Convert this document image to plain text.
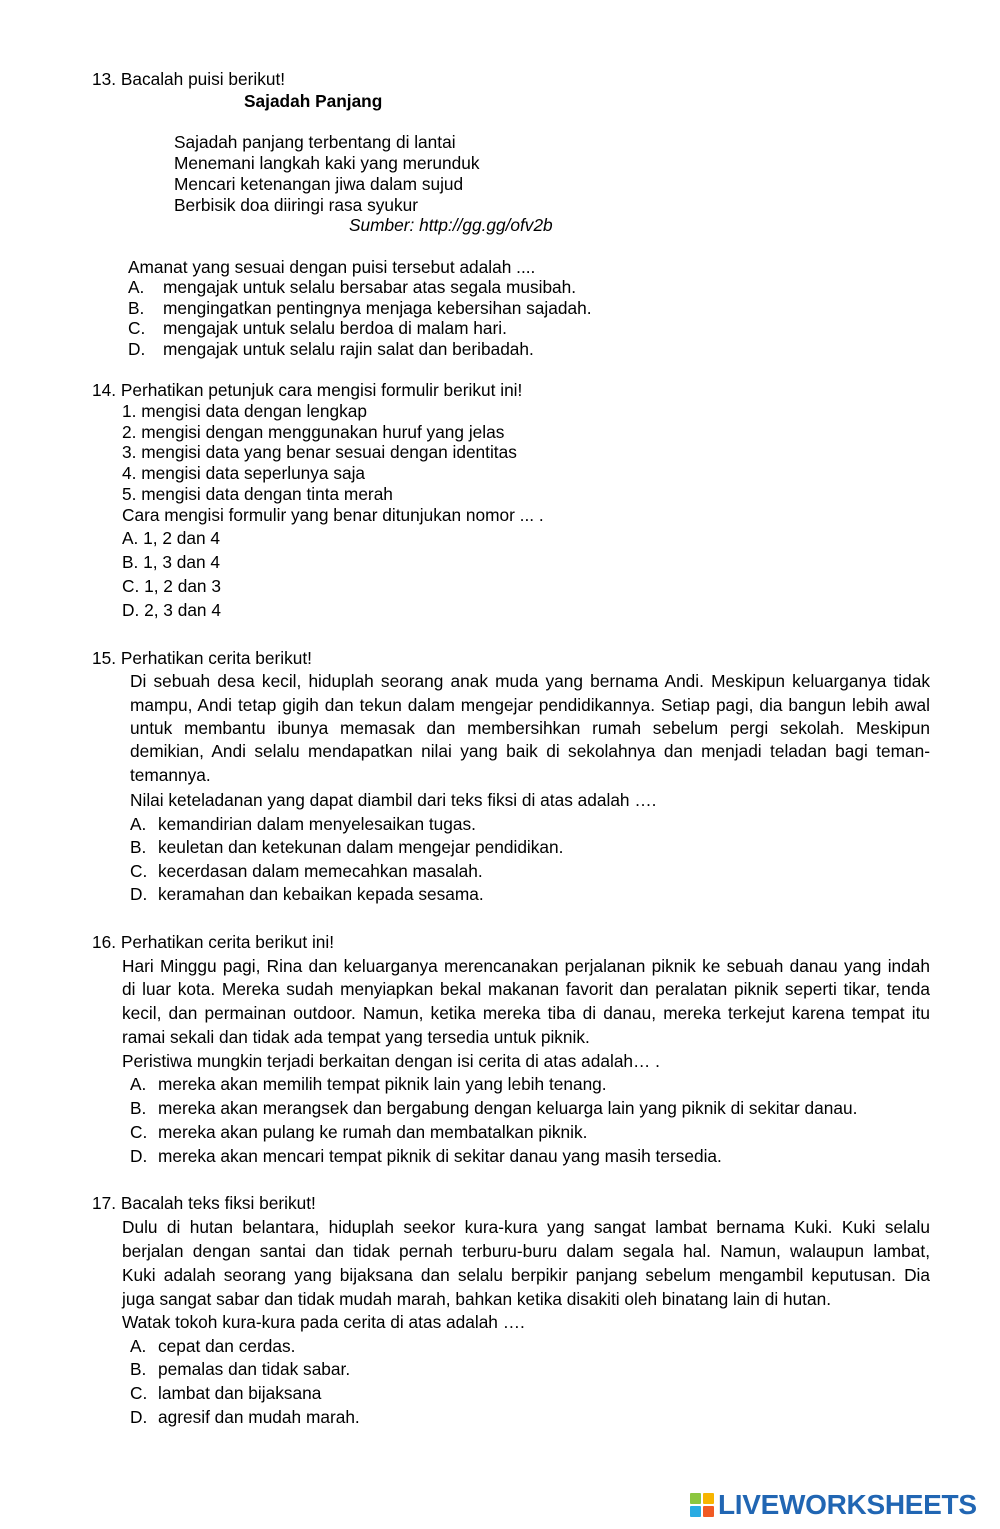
13. Bacalah puisi berikut!
Sajadah Panjang
Sajadah panjang terbentang di lantai
Menemani langkah kaki yang merunduk
Mencari ketenangan jiwa dalam sujud
Berbisik doa diiringi rasa syukur
Sumber: http://gg.gg/ofv2b
Amanat yang sesuai dengan puisi tersebut adalah ....
A. mengajak untuk selalu bersabar atas segala musibah.
B. mengingatkan pentingnya menjaga kebersihan sajadah.
C. mengajak untuk selalu berdoa di malam hari.
D. mengajak untuk selalu rajin salat dan beribadah.
14. Perhatikan petunjuk cara mengisi formulir berikut ini!
1. mengisi data dengan lengkap
2. mengisi dengan menggunakan huruf yang jelas
3. mengisi data yang benar sesuai dengan identitas
4. mengisi data seperlunya saja
5. mengisi data dengan tinta merah
Cara mengisi formulir yang benar ditunjukan nomor ... .
A. 1, 2 dan 4
B. 1, 3 dan 4
C. 1, 2 dan 3
D. 2, 3 dan 4
15. Perhatikan cerita berikut!
Di sebuah desa kecil, hiduplah seorang anak muda yang bernama Andi. Meskipun keluarganya tidak
mampu, Andi tetap gigih dan tekun dalam mengejar pendidikannya. Setiap pagi, dia bangun lebih awal
untuk membantu ibunya memasak dan membersihkan rumah sebelum pergi sekolah. Meskipun
demikian, Andi selalu mendapatkan nilai yang baik di sekolahnya dan menjadi teladan bagi teman-
temannya.
Nilai keteladanan yang dapat diambil dari teks fiksi di atas adalah ….
A. kemandirian dalam menyelesaikan tugas.
B. keuletan dan ketekunan dalam mengejar pendidikan.
C. kecerdasan dalam memecahkan masalah.
D. keramahan dan kebaikan kepada sesama.
16. Perhatikan cerita berikut ini!
Hari Minggu pagi, Rina dan keluarganya merencanakan perjalanan piknik ke sebuah danau yang indah
di luar kota. Mereka sudah menyiapkan bekal makanan favorit dan peralatan piknik seperti tikar, tenda
kecil, dan permainan outdoor. Namun, ketika mereka tiba di danau, mereka terkejut karena tempat itu
ramai sekali dan tidak ada tempat yang tersedia untuk piknik.
Peristiwa mungkin terjadi berkaitan dengan isi cerita di atas adalah… .
A. mereka akan memilih tempat piknik lain yang lebih tenang.
B. mereka akan merangsek dan bergabung dengan keluarga lain yang piknik di sekitar danau.
C. mereka akan pulang ke rumah dan membatalkan piknik.
D. mereka akan mencari tempat piknik di sekitar danau yang masih tersedia.
17. Bacalah teks fiksi berikut!
Dulu di hutan belantara, hiduplah seekor kura-kura yang sangat lambat bernama Kuki. Kuki selalu
berjalan dengan santai dan tidak pernah terburu-buru dalam segala hal. Namun, walaupun lambat,
Kuki adalah seorang yang bijaksana dan selalu berpikir panjang sebelum mengambil keputusan. Dia
juga sangat sabar dan tidak mudah marah, bahkan ketika disakiti oleh binatang lain di hutan.
Watak tokoh kura-kura pada cerita di atas adalah ….
A. cepat dan cerdas.
B. pemalas dan tidak sabar.
C. lambat dan bijaksana
D. agresif dan mudah marah.
LIVEWORKSHEETS
